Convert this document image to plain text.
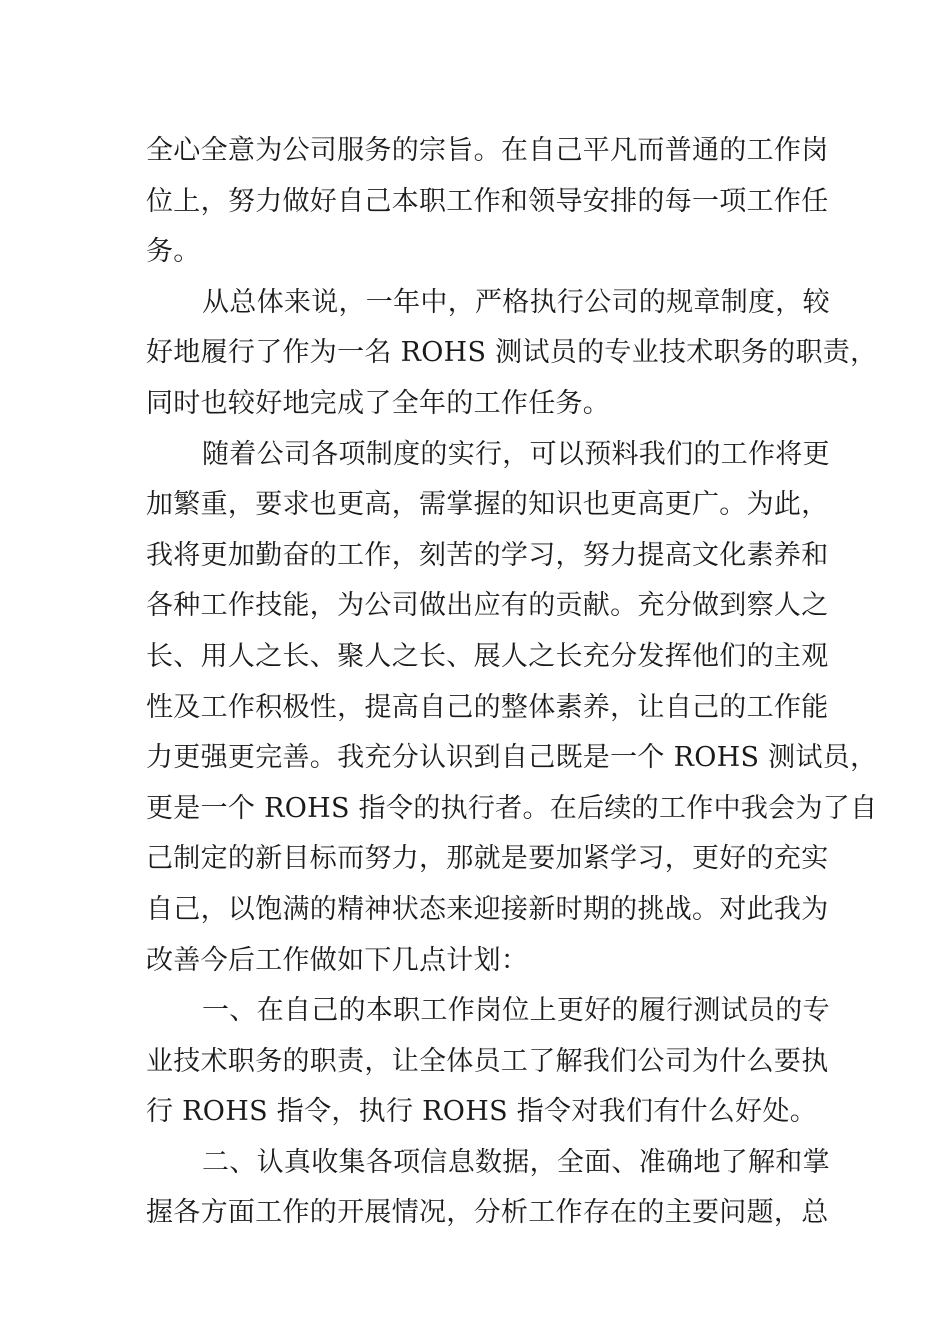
全心全意为公司服务的宗旨。在自己平凡而普通的工作岗
位上，努力做好自己本职工作和领导安排的每一项工作任
务。
从总体来说，一年中，严格执行公司的规章制度，较
好地履行了作为一名 ROHS 测试员的专业技术职务的职责，
同时也较好地完成了全年的工作任务。
随着公司各项制度的实行，可以预料我们的工作将更
加繁重，要求也更高，需掌握的知识也更高更广。为此，
我将更加勤奋的工作，刻苦的学习，努力提高文化素养和
各种工作技能，为公司做出应有的贡献。充分做到察人之
长、用人之长、聚人之长、展人之长充分发挥他们的主观
性及工作积极性，提高自己的整体素养，让自己的工作能
力更强更完善。我充分认识到自己既是一个 ROHS 测试员，
更是一个 ROHS 指令的执行者。在后续的工作中我会为了自
己制定的新目标而努力，那就是要加紧学习，更好的充实
自己，以饱满的精神状态来迎接新时期的挑战。对此我为
改善今后工作做如下几点计划：
一、在自己的本职工作岗位上更好的履行测试员的专
业技术职务的职责，让全体员工了解我们公司为什么要执
行 ROHS 指令，执行 ROHS 指令对我们有什么好处。
二、认真收集各项信息数据，全面、准确地了解和掌
握各方面工作的开展情况，分析工作存在的主要问题，总
